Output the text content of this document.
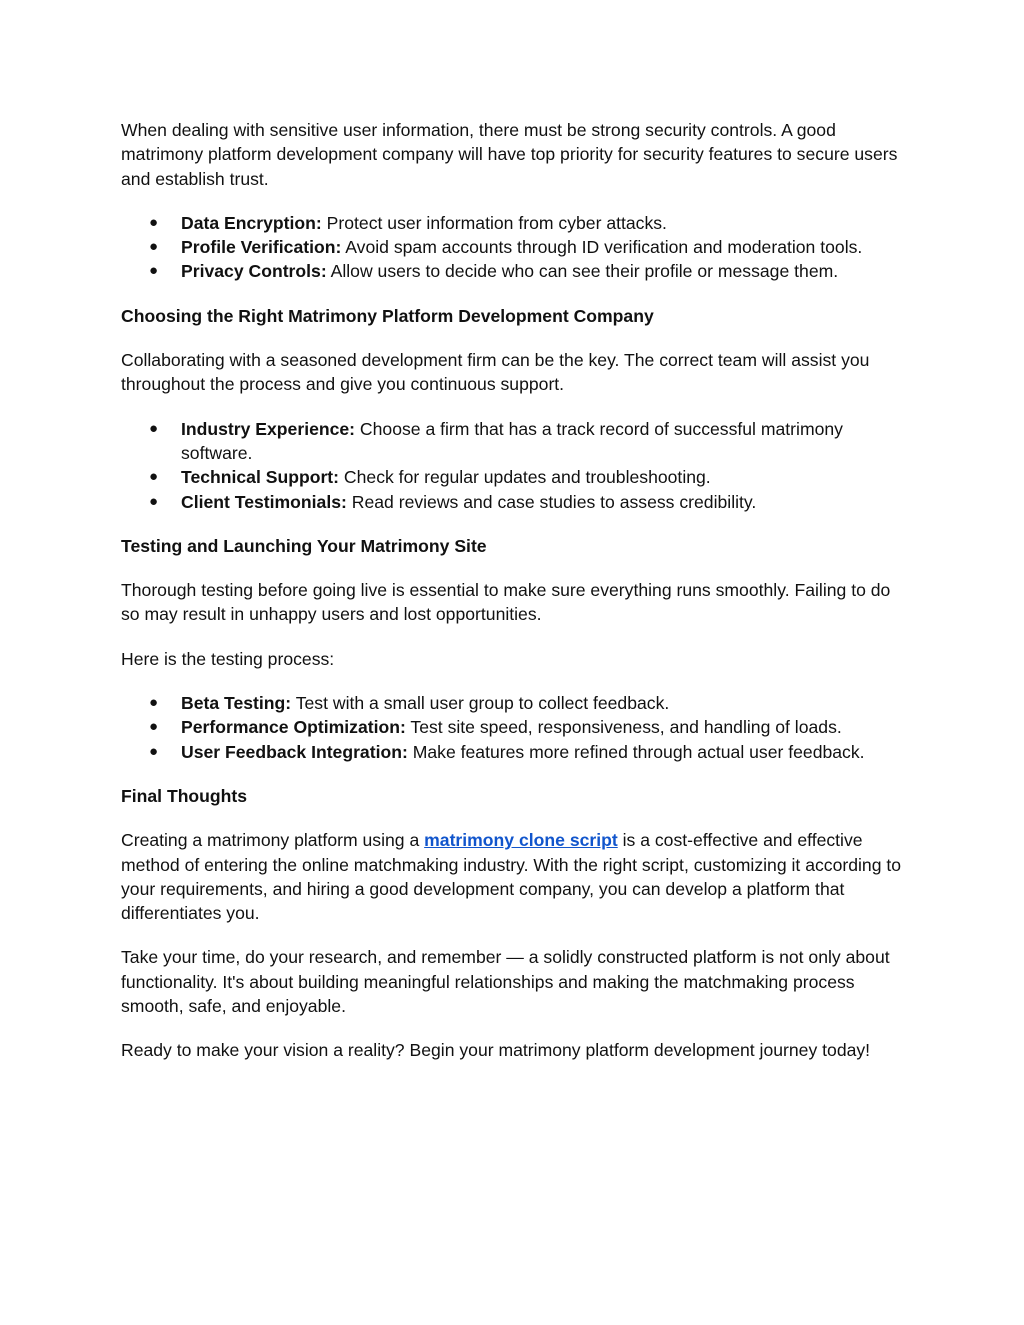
When dealing with sensitive user information, there must be strong security controls. A good matrimony platform development company will have top priority for security features to secure users and establish trust.

● Data Encryption: Protect user information from cyber attacks.
● Profile Verification: Avoid spam accounts through ID verification and moderation tools.
● Privacy Controls: Allow users to decide who can see their profile or message them.
Choosing the Right Matrimony Platform Development Company

Collaborating with a seasoned development firm can be the key. The correct team will assist you throughout the process and give you continuous support.

● Industry Experience: Choose a firm that has a track record of successful matrimony software.
● Technical Support: Check for regular updates and troubleshooting.
● Client Testimonials: Read reviews and case studies to assess credibility.
Testing and Launching Your Matrimony Site

Thorough testing before going live is essential to make sure everything runs smoothly. Failing to do so may result in unhappy users and lost opportunities.

Here is the testing process:

● Beta Testing: Test with a small user group to collect feedback.
● Performance Optimization: Test site speed, responsiveness, and handling of loads.
● User Feedback Integration: Make features more refined through actual user feedback.
Final Thoughts

Creating a matrimony platform using a matrimony clone script is a cost-effective and effective method of entering the online matchmaking industry. With the right script, customizing it according to your requirements, and hiring a good development company, you can develop a platform that differentiates you.

Take your time, do your research, and remember — a solidly constructed platform is not only about functionality. It's about building meaningful relationships and making the matchmaking process smooth, safe, and enjoyable.

Ready to make your vision a reality? Begin your matrimony platform development journey today!
